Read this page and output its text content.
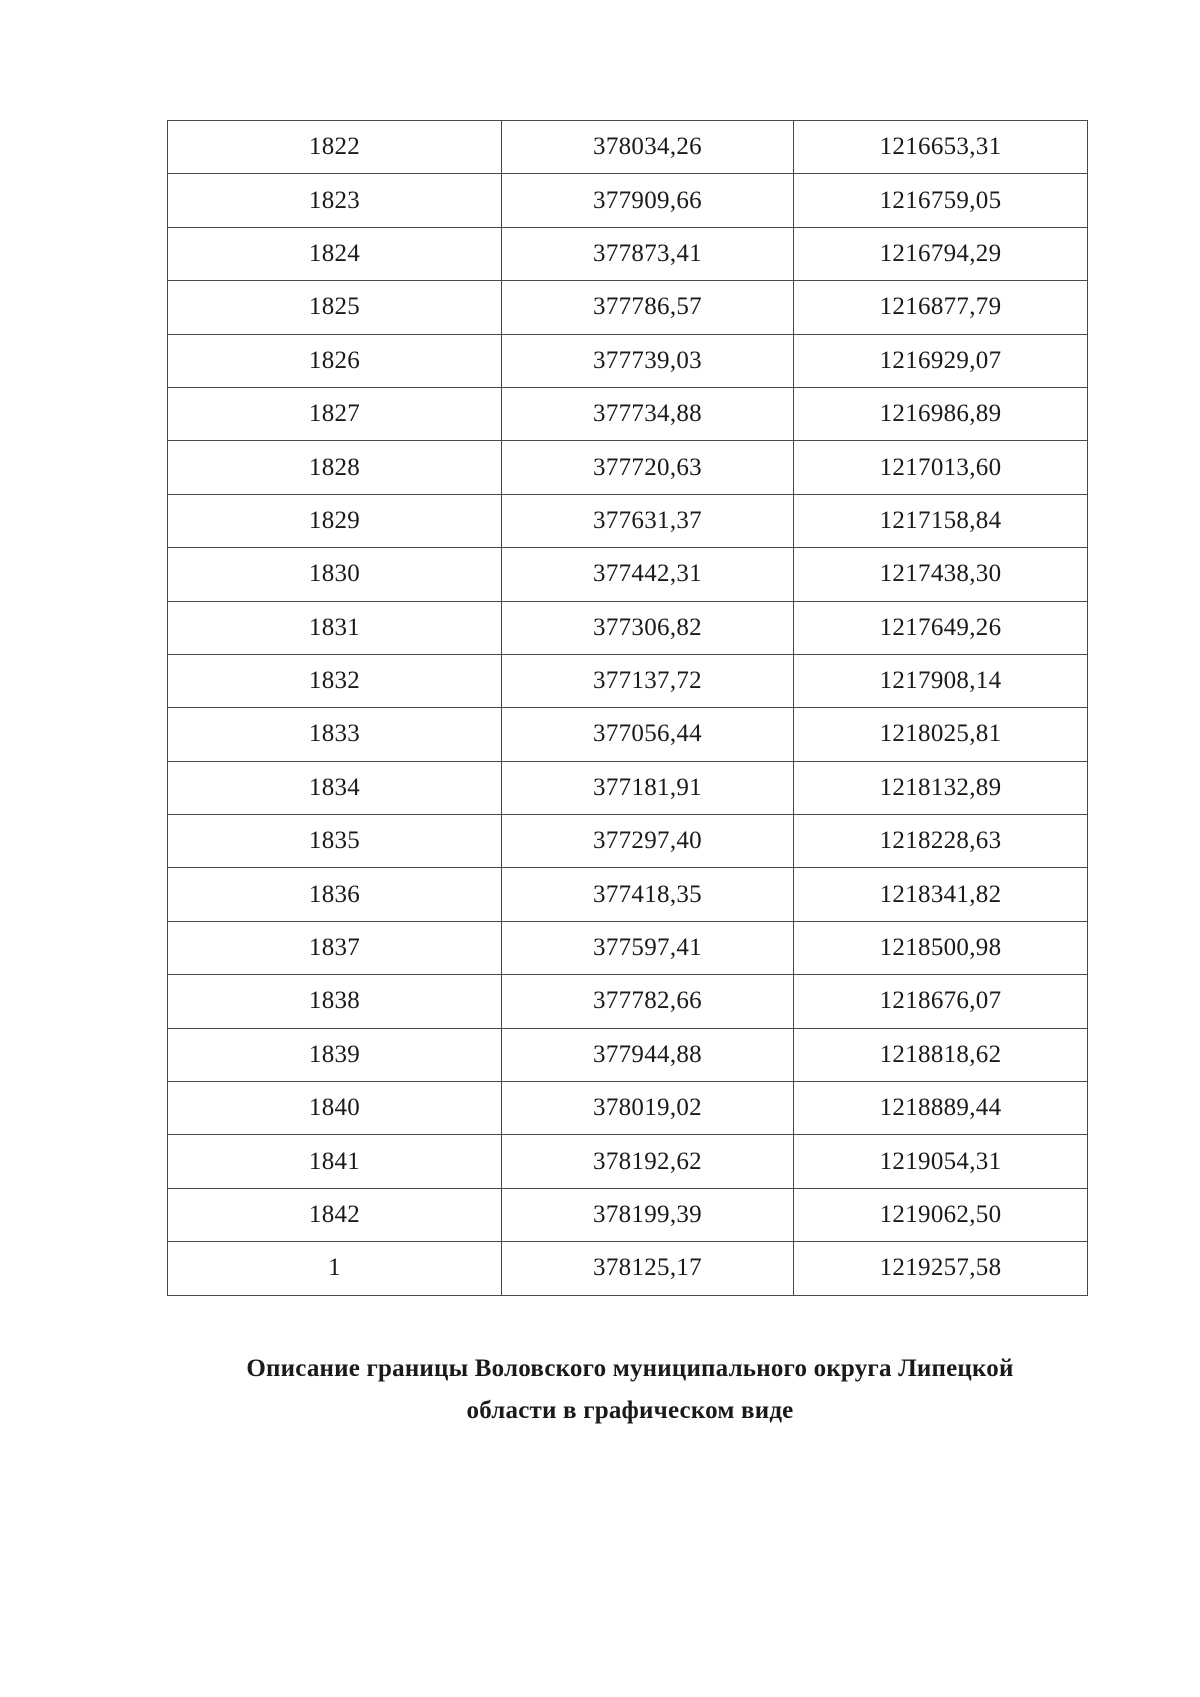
1822	378034,26	1216653,31
1823	377909,66	1216759,05
1824	377873,41	1216794,29
1825	377786,57	1216877,79
1826	377739,03	1216929,07
1827	377734,88	1216986,89
1828	377720,63	1217013,60
1829	377631,37	1217158,84
1830	377442,31	1217438,30
1831	377306,82	1217649,26
1832	377137,72	1217908,14
1833	377056,44	1218025,81
1834	377181,91	1218132,89
1835	377297,40	1218228,63
1836	377418,35	1218341,82
1837	377597,41	1218500,98
1838	377782,66	1218676,07
1839	377944,88	1218818,62
1840	378019,02	1218889,44
1841	378192,62	1219054,31
1842	378199,39	1219062,50
1	378125,17	1219257,58
Описание границы Воловского муниципального округа Липецкой
области в графическом виде
